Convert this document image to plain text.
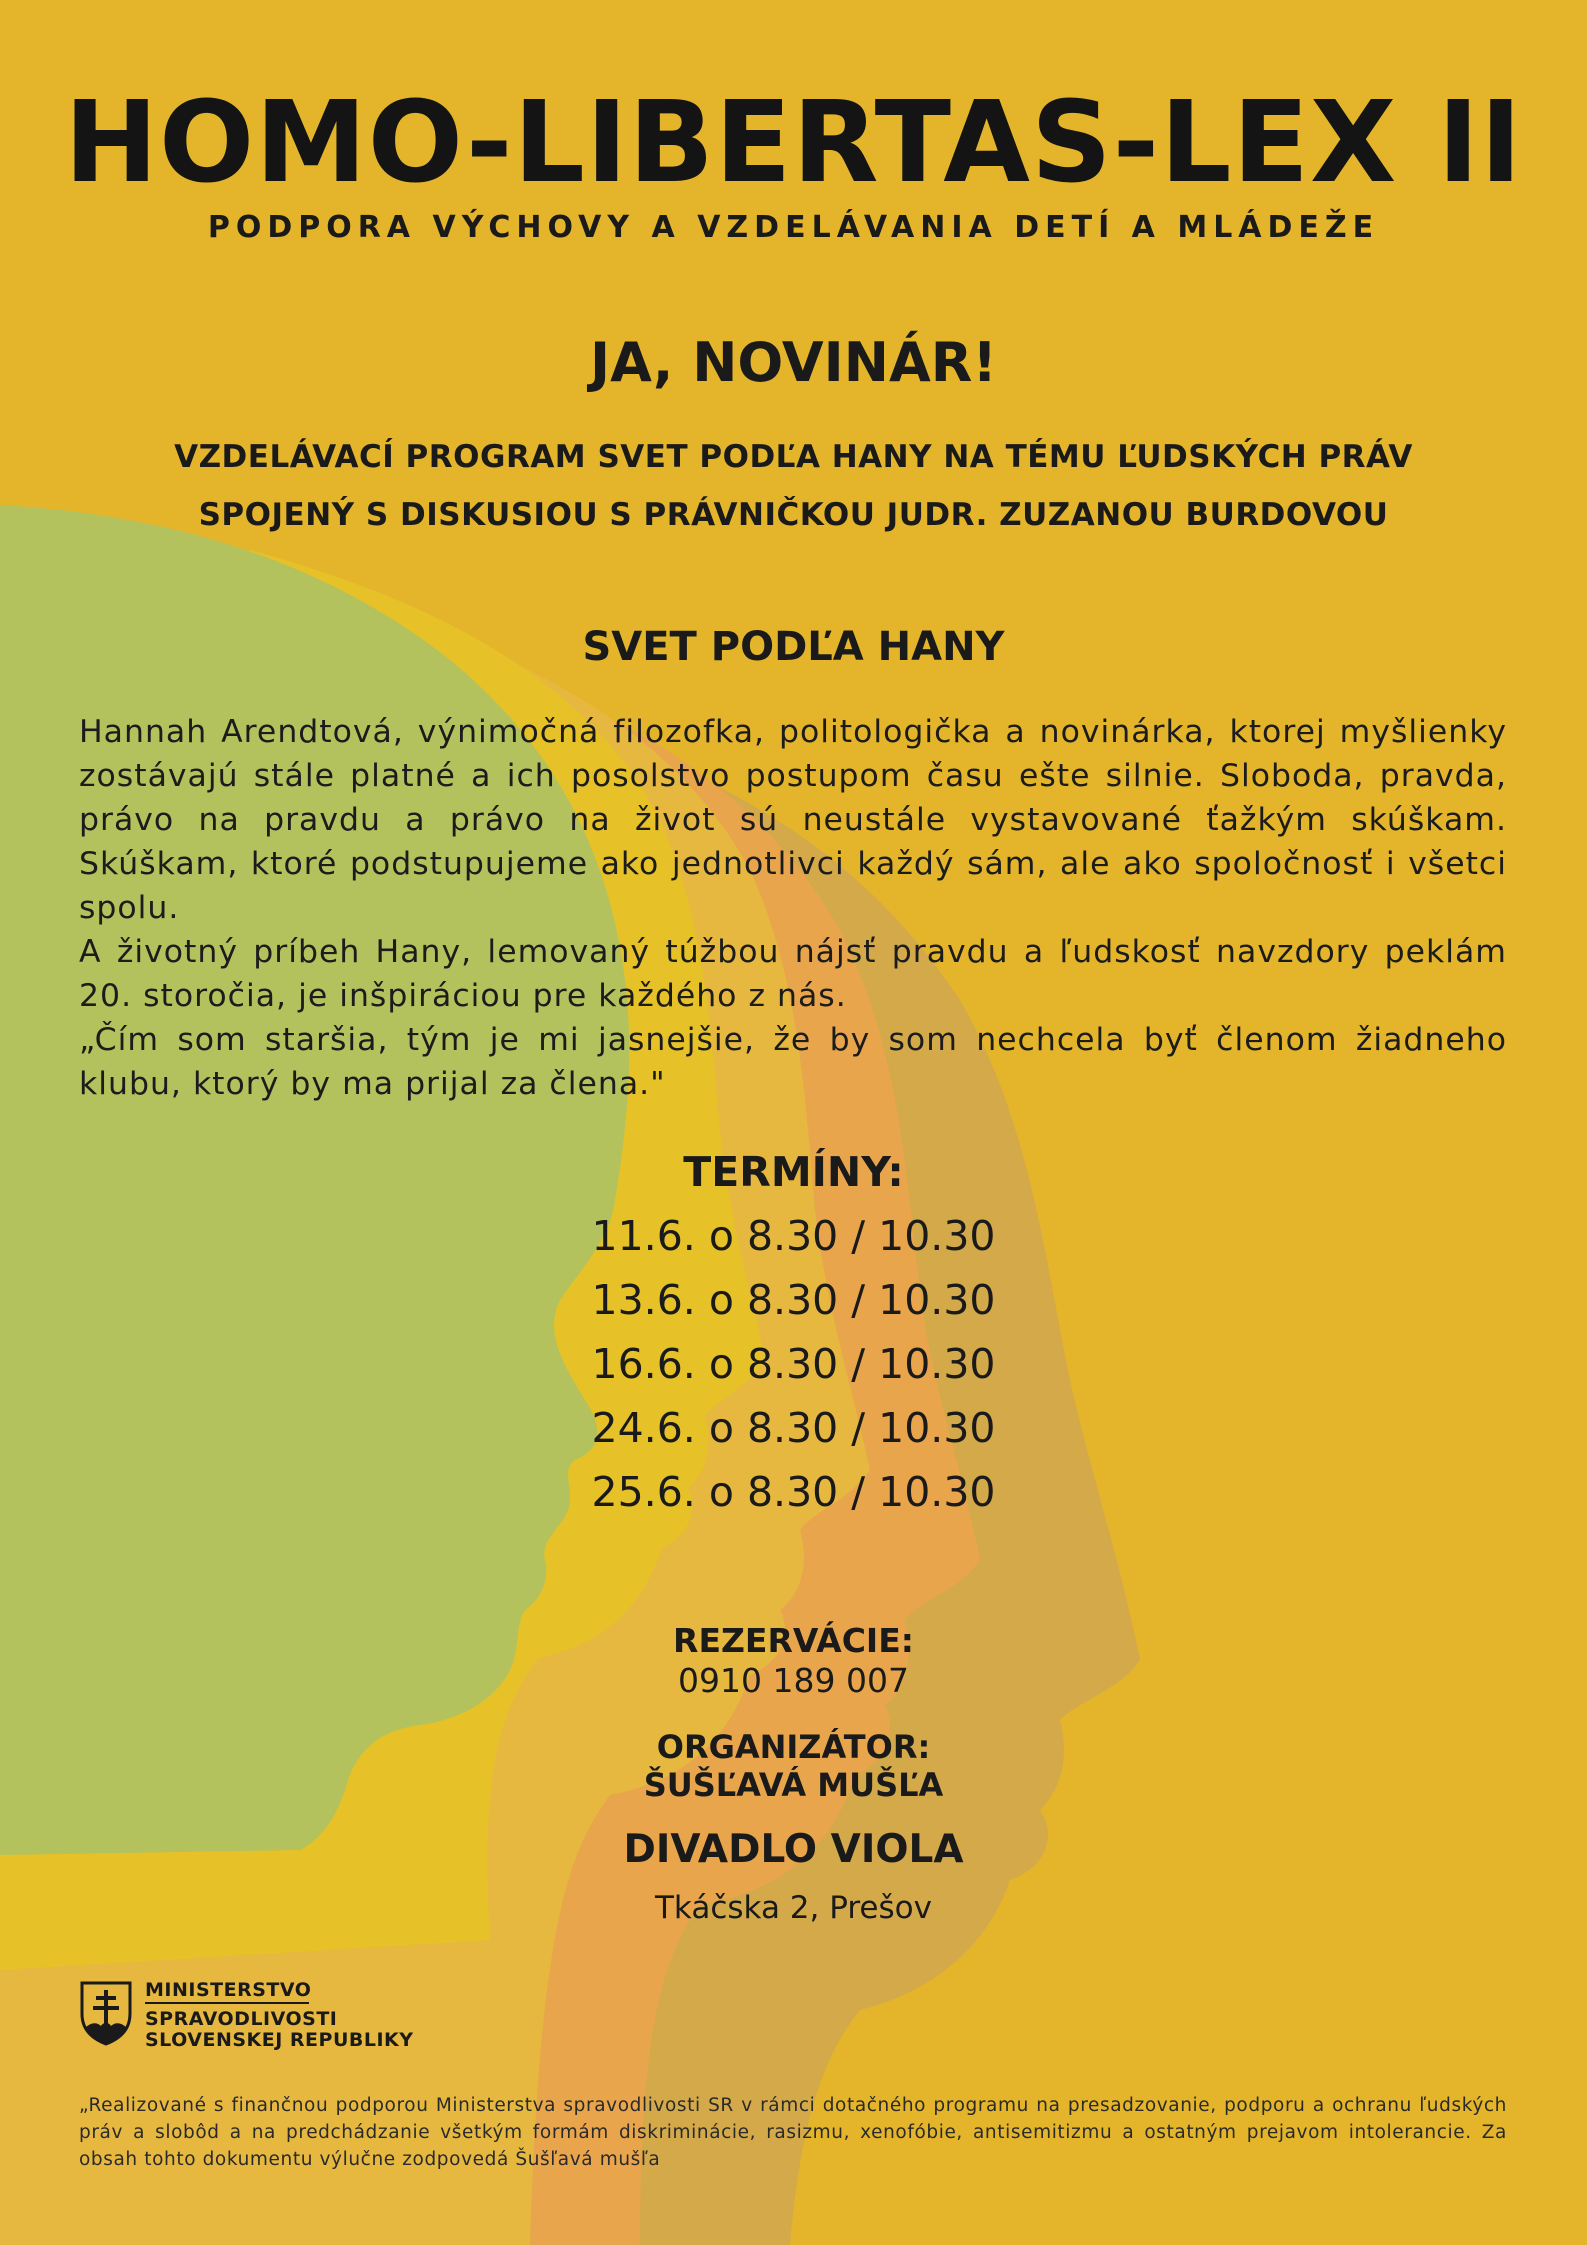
HOMO-LIBERTAS-LEX II
PODPORA VÝCHOVY A VZDELÁVANIA DETÍ A MLÁDEŽE
JA, NOVINÁR!
VZDELÁVACÍ PROGRAM SVET PODĽA HANY NA TÉMU ĽUDSKÝCH PRÁV
SPOJENÝ S DISKUSIOU S PRÁVNIČKOU JUDR. ZUZANOU BURDOVOU
SVET PODĽA HANY

Hannah Arendtová, výnimočná filozofka, politologička a novinárka, ktorej myšlienky zostávajú stále platné a ich posolstvo postupom času ešte silnie. Sloboda, pravda, právo na pravdu a právo na život sú neustále vystavované ťažkým skúškam. Skúškam, ktoré podstupujeme ako jednotlivci každý sám, ale ako spoločnosť i všetci spolu.

A životný príbeh Hany, lemovaný túžbou nájsť pravdu a ľudskosť navzdory peklám 20. storočia, je inšpiráciou pre každého z nás.

„Čím som staršia, tým je mi jasnejšie, že by som nechcela byť členom žiadneho klubu, ktorý by ma prijal za člena."

TERMÍNY:
11.6. o 8.30 / 10.30
13.6. o 8.30 / 10.30
16.6. o 8.30 / 10.30
24.6. o 8.30 / 10.30
25.6. o 8.30 / 10.30
REZERVÁCIE:
0910 189 007
ORGANIZÁTOR:
ŠUŠĽAVÁ MUŠĽA
DIVADLO VIOLA
Tkáčska 2, Prešov
MINISTERSTVO
SPRAVODLIVOSTI
SLOVENSKEJ REPUBLIKY
„Realizované s finančnou podporou Ministerstva spravodlivosti SR v rámci dotačného programu na presadzovanie, podporu a ochranu ľudských práv a slobôd a na predchádzanie všetkým formám diskriminácie, rasizmu, xenofóbie, antisemitizmu a ostatným prejavom intolerancie. Za obsah tohto dokumentu výlučne zodpovedá Šušľavá mušľa
